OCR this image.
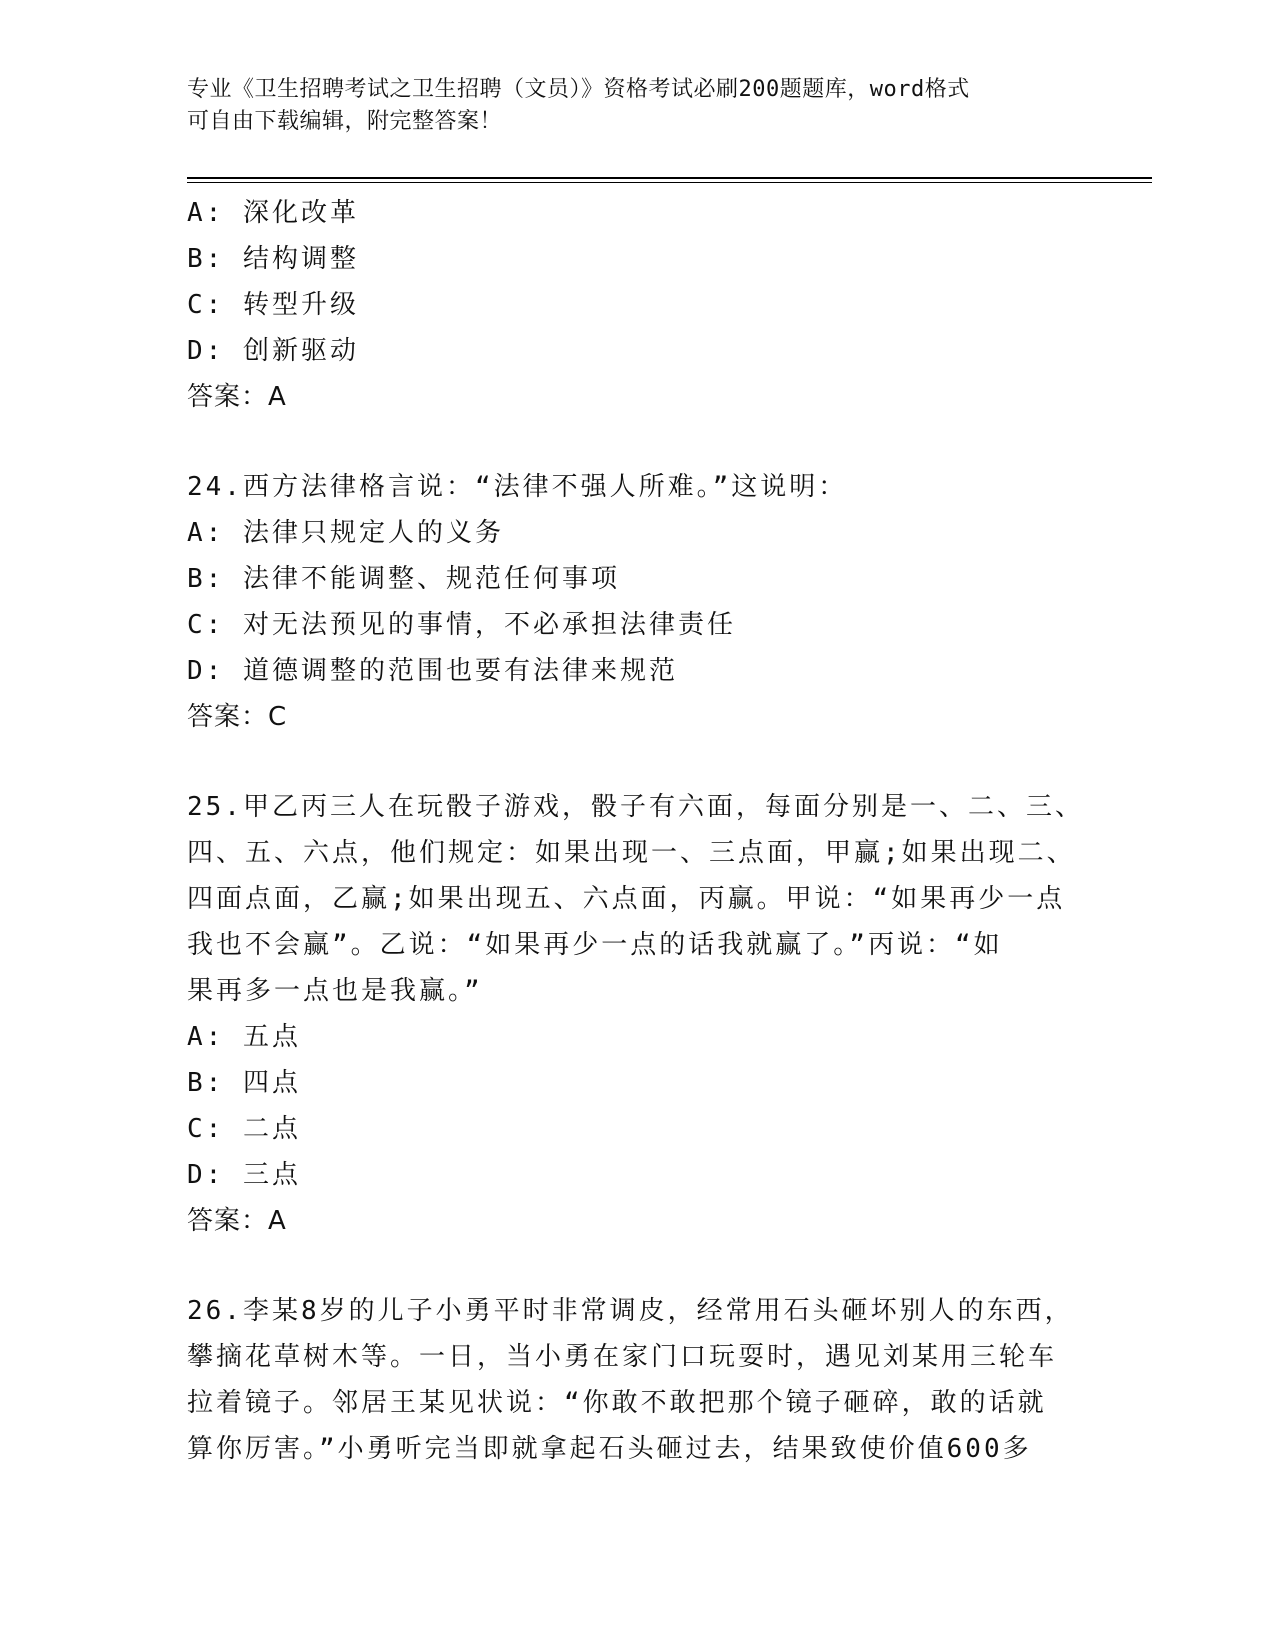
专业《卫生招聘考试之卫生招聘（文员）》资格考试必刷200题题库，word格式
可自由下载编辑，附完整答案！
A: 深化改革
B: 结构调整
C: 转型升级
D: 创新驱动
答案：A
24.西方法律格言说：“法律不强人所难。”这说明：
A: 法律只规定人的义务
B: 法律不能调整、规范任何事项
C: 对无法预见的事情，不必承担法律责任
D: 道德调整的范围也要有法律来规范
答案：C
25.甲乙丙三人在玩骰子游戏，骰子有六面，每面分别是一、二、三、
四、五、六点，他们规定：如果出现一、三点面，甲赢;如果出现二、
四面点面，乙赢;如果出现五、六点面，丙赢。甲说：“如果再少一点
我也不会赢”。乙说：“如果再少一点的话我就赢了。”丙说：“如
果再多一点也是我赢。”
A: 五点
B: 四点
C: 二点
D: 三点
答案：A
26.李某8岁的儿子小勇平时非常调皮，经常用石头砸坏别人的东西，
攀摘花草树木等。一日，当小勇在家门口玩耍时，遇见刘某用三轮车
拉着镜子。邻居王某见状说：“你敢不敢把那个镜子砸碎，敢的话就
算你厉害。”小勇听完当即就拿起石头砸过去，结果致使价值600多
